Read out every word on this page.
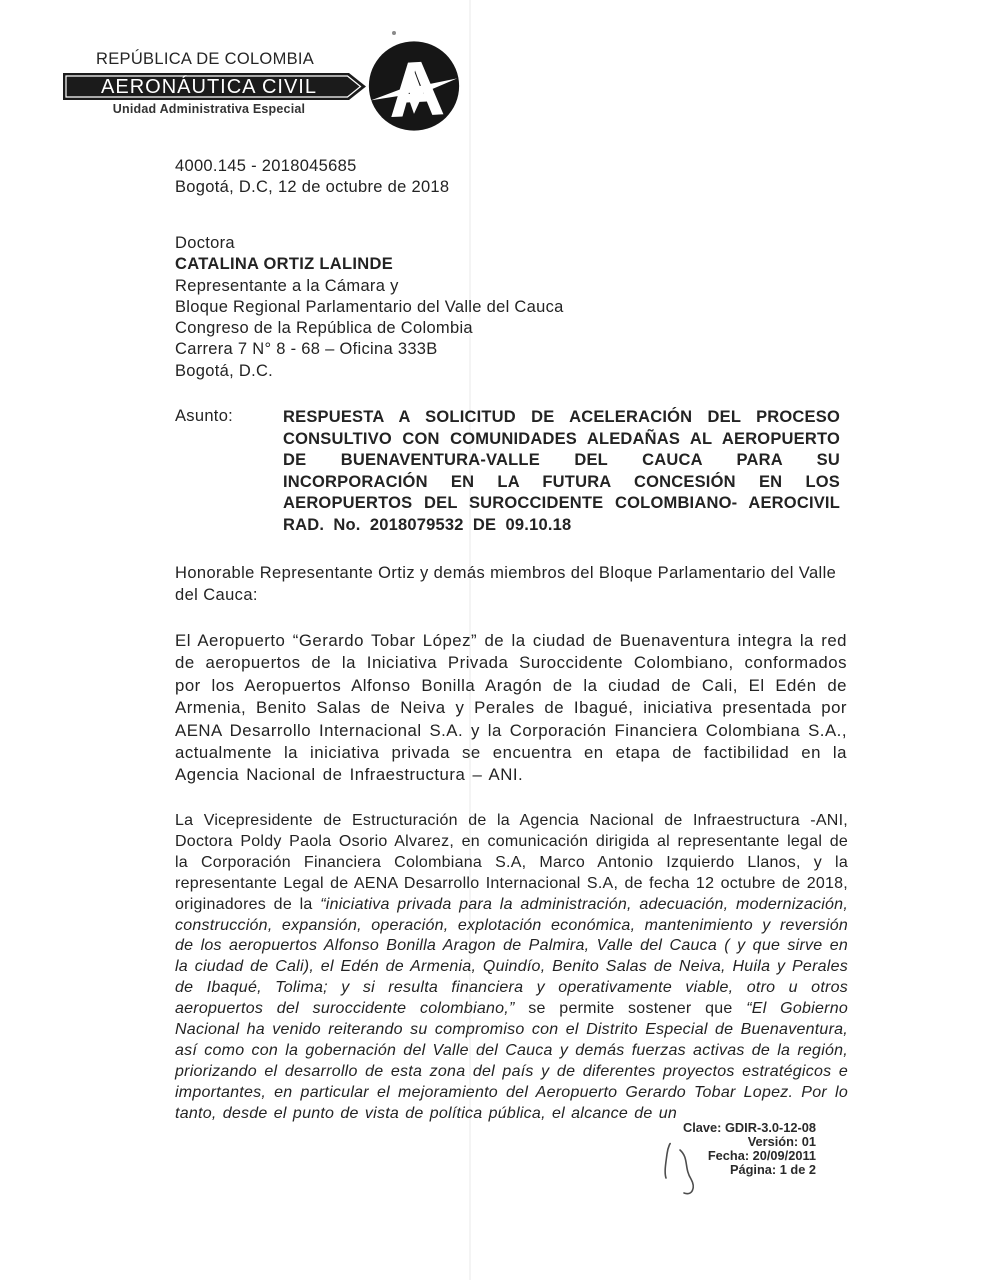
REPÚBLICA DE COLOMBIA
AERONÁUTICA CIVIL
Unidad Administrativa Especial A
4000.145 - 2018045685
Bogotá, D.C, 12 de octubre de 2018
Doctora
CATALINA ORTIZ LALINDE
Representante a la Cámara y
Bloque Regional Parlamentario del Valle del Cauca
Congreso de la República de Colombia
Carrera 7 N° 8 - 68 – Oficina 333B
Bogotá, D.C.
Asunto:	RESPUESTA A SOLICITUD DE ACELERACIÓN DEL PROCESO CONSULTIVO CON COMUNIDADES ALEDAÑAS AL AEROPUERTO DE BUENAVENTURA-VALLE DEL CAUCA PARA SU INCORPORACIÓN EN LA FUTURA CONCESIÓN EN LOS AEROPUERTOS DEL SUROCCIDENTE COLOMBIANO- AEROCIVIL RAD. No. 2018079532 DE 09.10.18
Honorable Representante Ortiz y demás miembros del Bloque Parlamentario del Valle del Cauca:
El Aeropuerto “Gerardo Tobar López” de la ciudad de Buenaventura integra la red de aeropuertos de la Iniciativa Privada Suroccidente Colombiano, conformados por los Aeropuertos Alfonso Bonilla Aragón de la ciudad de Cali, El Edén de Armenia, Benito Salas de Neiva y Perales de Ibagué, iniciativa presentada por AENA Desarrollo Internacional S.A. y la Corporación Financiera Colombiana S.A., actualmente la iniciativa privada se encuentra en etapa de factibilidad en la Agencia Nacional de Infraestructura – ANI.
La Vicepresidente de Estructuración de la Agencia Nacional de Infraestructura -ANI, Doctora Poldy Paola Osorio Alvarez, en comunicación dirigida al representante legal de la Corporación Financiera Colombiana S.A, Marco Antonio Izquierdo Llanos, y la representante Legal de AENA Desarrollo Internacional S.A, de fecha 12 octubre de 2018, originadores de la “iniciativa privada para la administración, adecuación, modernización, construcción, expansión, operación, explotación económica, mantenimiento y reversión de los aeropuertos Alfonso Bonilla Aragon de Palmira, Valle del Cauca ( y que sirve en la ciudad de Cali), el Edén de Armenia, Quindío, Benito Salas de Neiva, Huila y Perales de Ibaqué, Tolima; y si resulta financiera y operativamente viable, otro u otros aeropuertos del suroccidente colombiano,” se permite sostener que “El Gobierno Nacional ha venido reiterando su compromiso con el Distrito Especial de Buenaventura, así como con la gobernación del Valle del Cauca y demás fuerzas activas de la región, priorizando el desarrollo de esta zona del país y de diferentes proyectos estratégicos e importantes, en particular el mejoramiento del Aeropuerto Gerardo Tobar Lopez. Por lo tanto, desde el punto de vista de política pública, el alcance de un
Clave: GDIR-3.0-12-08
Versión: 01
Fecha: 20/09/2011
Página: 1 de 2
